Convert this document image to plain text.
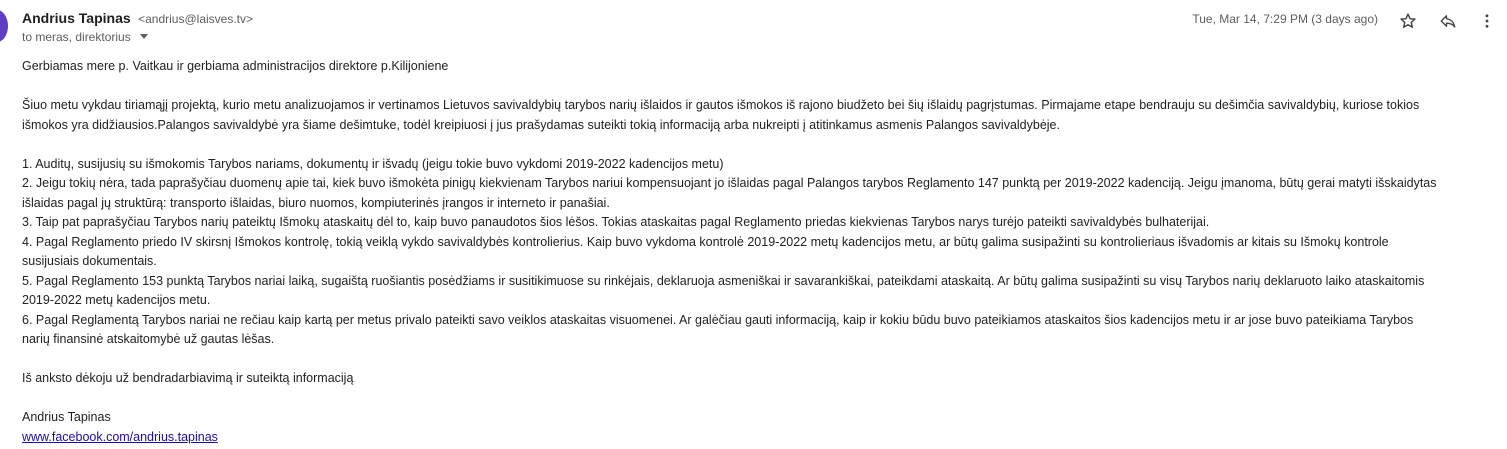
Andrius Tapinas <andrius@laisves.tv>
to meras, direktorius
Tue, Mar 14, 7:29 PM (3 days ago)

Gerbiamas mere p. Vaitkau ir gerbiama administracijos direktore p.Kilijoniene

Šiuo metu vykdau tiriamąjį projektą, kurio metu analizuojamos ir vertinamos Lietuvos savivaldybių tarybos narių išlaidos ir gautos išmokos iš rajono biudžeto bei šių išlaidų pagrįstumas. Pirmajame etape bendrauju su dešimčia savivaldybių, kuriose tokios

išmokos yra didžiausios.Palangos savivaldybė yra šiame dešimtuke, todėl kreipiuosi į jus prašydamas suteikti tokią informaciją arba nukreipti į atitinkamus asmenis Palangos savivaldybėje.

1. Auditų, susijusių su išmokomis Tarybos nariams, dokumentų ir išvadų (jeigu tokie buvo vykdomi 2019-2022 kadencijos metu)

2. Jeigu tokių nėra, tada paprašyčiau duomenų apie tai, kiek buvo išmokėta pinigų kiekvienam Tarybos nariui kompensuojant jo išlaidas pagal Palangos tarybos Reglamento 147 punktą per 2019-2022 kadenciją. Jeigu įmanoma, būtų gerai matyti išskaidytas

išlaidas pagal jų struktūrą: transporto išlaidas, biuro nuomos, kompiuterinės įrangos ir interneto ir panašiai.

3. Taip pat paprašyčiau Tarybos narių pateiktų Išmokų ataskaitų dėl to, kaip buvo panaudotos šios lėšos. Tokias ataskaitas pagal Reglamento priedas kiekvienas Tarybos narys turėjo pateikti savivaldybės bulhaterijai.

4. Pagal Reglamento priedo IV skirsnį Išmokos kontrolę, tokią veiklą vykdo savivaldybės kontrolierius. Kaip buvo vykdoma kontrolė 2019-2022 metų kadencijos metu, ar būtų galima susipažinti su kontrolieriaus išvadomis ar kitais su Išmokų kontrole

susijusiais dokumentais.

5. Pagal Reglamento 153 punktą Tarybos nariai laiką, sugaištą ruošiantis posėdžiams ir susitikimuose su rinkėjais, deklaruoja asmeniškai ir savarankiškai, pateikdami ataskaitą. Ar būtų galima susipažinti su visų Tarybos narių deklaruoto laiko ataskaitomis

2019-2022 metų kadencijos metu.

6. Pagal Reglamentą Tarybos nariai ne rečiau kaip kartą per metus privalo pateikti savo veiklos ataskaitas visuomenei. Ar galėčiau gauti informaciją, kaip ir kokiu būdu buvo pateikiamos ataskaitos šios kadencijos metu ir ar jose buvo pateikiama Tarybos

narių finansinė atskaitomybė už gautas lėšas.

Iš anksto dėkoju už bendradarbiavimą ir suteiktą informaciją

Andrius Tapinas

www.facebook.com/andrius.tapinas
